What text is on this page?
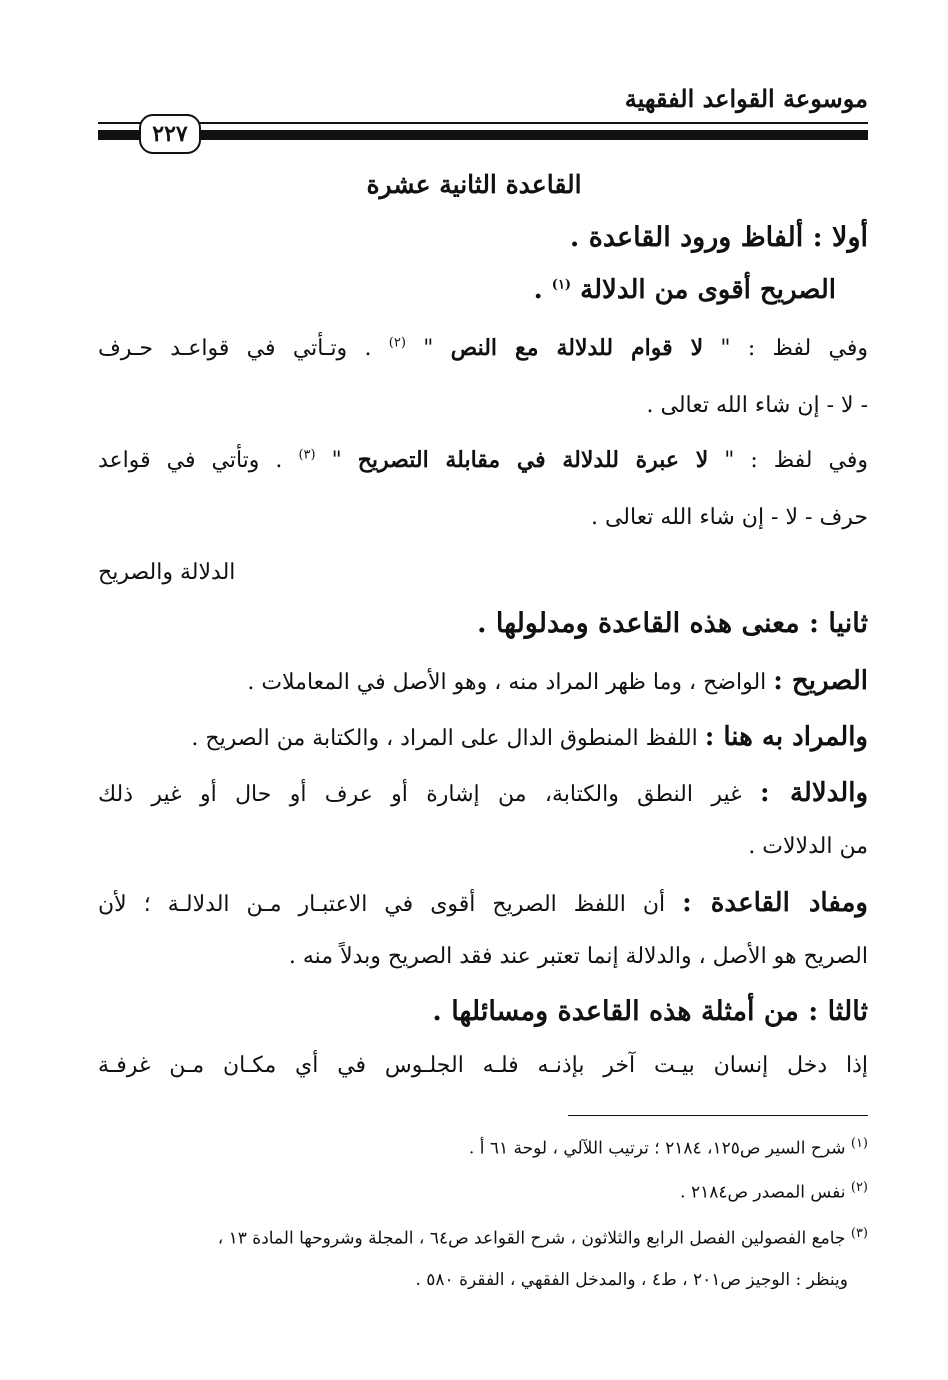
موسوعة القواعد الفقهية
٢٢٧
القاعدة الثانية عشرة
أولا : ألفاظ ورود القاعدة .
الصريح أقوى من الدلالة $^{(١)}$ .
وفي لفظ : " لا قوام للدلالة مع النص " $^{(٢)}$ . وتـأتي في قواعـد حـرف
- لا - إن شاء الله تعالى .
وفي لفظ : " لا عبرة للدلالة في مقابلة التصريح " $^{(٣)}$ . وتأتي في قواعد
حرف - لا - إن شاء الله تعالى .
الدلالة والصريح
ثانيا : معنى هذه القاعدة ومدلولها .
الصريح : الواضح ، وما ظهر المراد منه ، وهو الأصل في المعاملات .
والمراد به هنا : اللفظ المنطوق الدال على المراد ، والكتابة من الصريح .
والدلالة : غير النطق والكتابة، من إشارة أو عرف أو حال أو غير ذلك
من الدلالات .
ومفاد القاعدة : أن اللفظ الصريح أقوى في الاعتبـار مـن الدلالـة ؛ لأن
الصريح هو الأصل ، والدلالة إنما تعتبر عند فقد الصريح وبدلاً منه .
ثالثا : من أمثلة هذه القاعدة ومسائلها .
إذا دخل إنسان بيـت آخر بإذنـه فلـه الجلـوس في أي مكـان مـن غرفـة
$^{(١)}$ شرح السير ص١٢٥، ٢١٨٤ ؛ ترتيب اللآلي ، لوحة ٦١ أ .
$^{(٢)}$ نفس المصدر ص٢١٨٤ .
$^{(٣)}$ جامع الفصولين الفصل الرابع والثلاثون ، شرح القواعد ص٦٤ ، المجلة وشروحها المادة ١٣ ،
وينظر : الوجيز ص٢٠١ ، ط٤ ، والمدخل الفقهي ، الفقرة ٥٨٠ .
